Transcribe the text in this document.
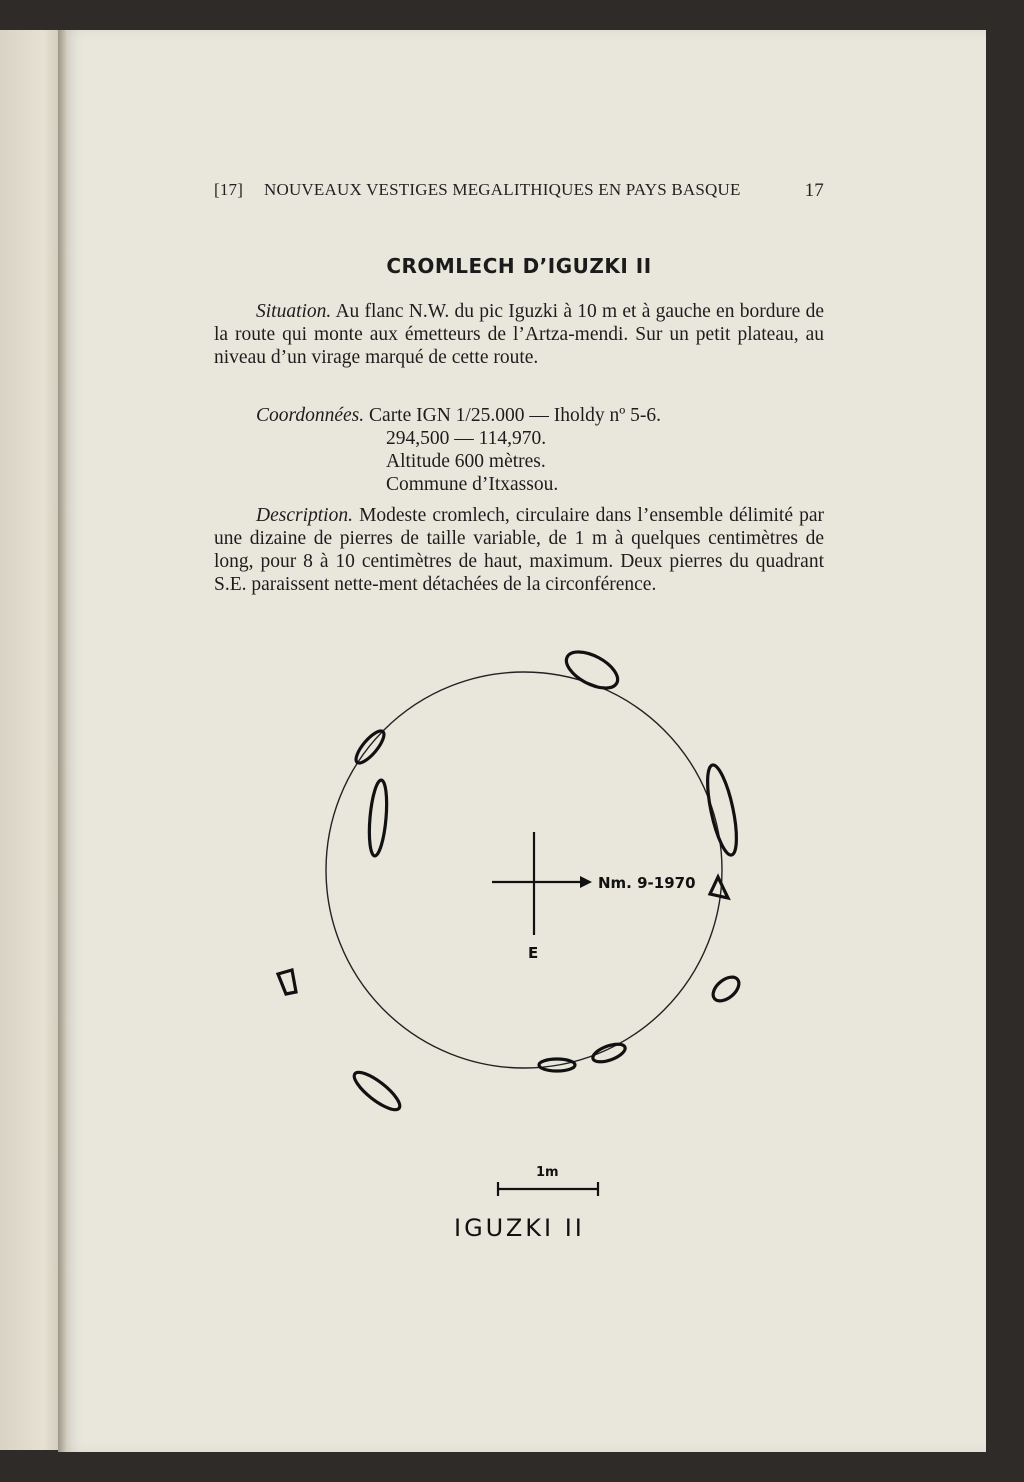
[17] NOUVEAUX VESTIGES MEGALITHIQUES EN PAYS BASQUE	17
CROMLECH D’IGUZKI II
Situation. Au flanc N.W. du pic Iguzki à 10 m et à gauche en bordure de la route qui monte aux émetteurs de l’Artza-mendi. Sur un petit plateau, au niveau d’un virage marqué de cette route.
Coordonnées. Carte IGN 1/25.000 — Iholdy nº 5-6.
294,500 — 114,970.
Altitude 600 mètres.
Commune d’Itxassou.
Description. Modeste cromlech, circulaire dans l’ensemble délimité par une dizaine de pierres de taille variable, de 1 m à quelques centimètres de long, pour 8 à 10 centimètres de haut, maximum. Deux pierres du quadrant S.E. paraissent nette-ment détachées de la circonférence.
Nm. 9-1970
E
1m
IGUZKI II
